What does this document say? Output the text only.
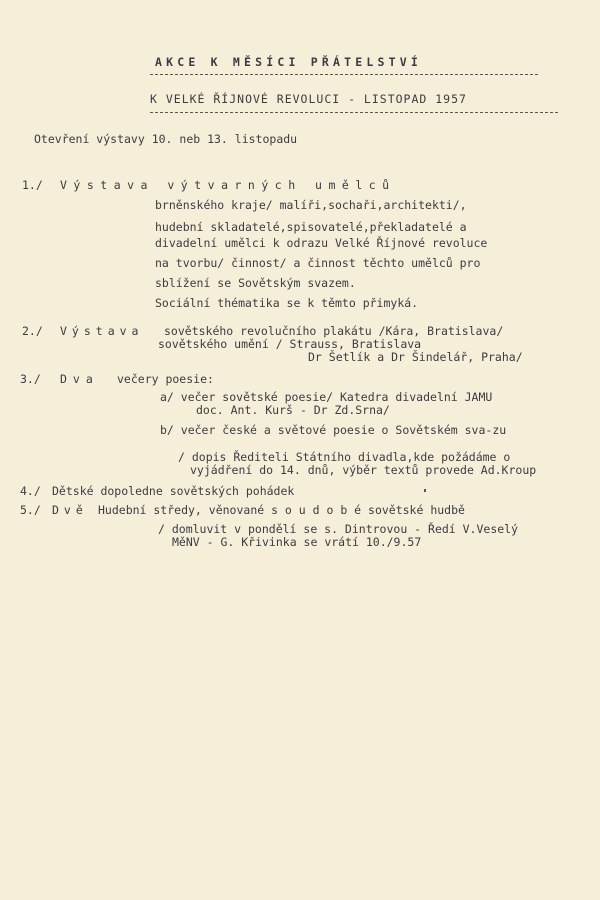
AKCE K MĚSÍCI PŘÁTELSTVÍ
K VELKÉ ŘÍJNOVÉ REVOLUCI - LISTOPAD 1957
Otevření výstavy 10. neb 13. listopadu
1./ Výstava výtvarných umělců
brněnského kraje/ malíři,sochaři,architekti/,
hudební skladatelé,spisovatelé,překladatelé a
divadelní umělci k odrazu Velké Říjnové revoluce
na tvorbu/ činnost/ a činnost těchto umělců pro
sblížení se Sovětským svazem.
Sociální thématika se k těmto přimyká.
2./ Výstava sovětského revolučního plakátu /Kára, Bratislava/
sovětského umění / Strauss, Bratislava
Dr Šetlík a Dr Šindelář, Praha/
3./ Dva večery poesie:
a/ večer sovětské poesie/ Katedra divadelní JAMU
doc. Ant. Kurš - Dr Zd.Srna/
b/ večer české a světové poesie o Sovětském sva-zu
/ dopis Řediteli Státního divadla,kde požádáme o
vyjádření do 14. dnů, výběr textů provede Ad.Kroup
4./ Dětské dopoledne sovětských pohádek
5./ Dvě Hudební středy, věnované s o u d o b é sovětské hudbě
/ domluvit v pondělí se s. Dintrovou - Ředí V.Veselý
MěNV - G. Křivinka se vrátí 10./9.57
